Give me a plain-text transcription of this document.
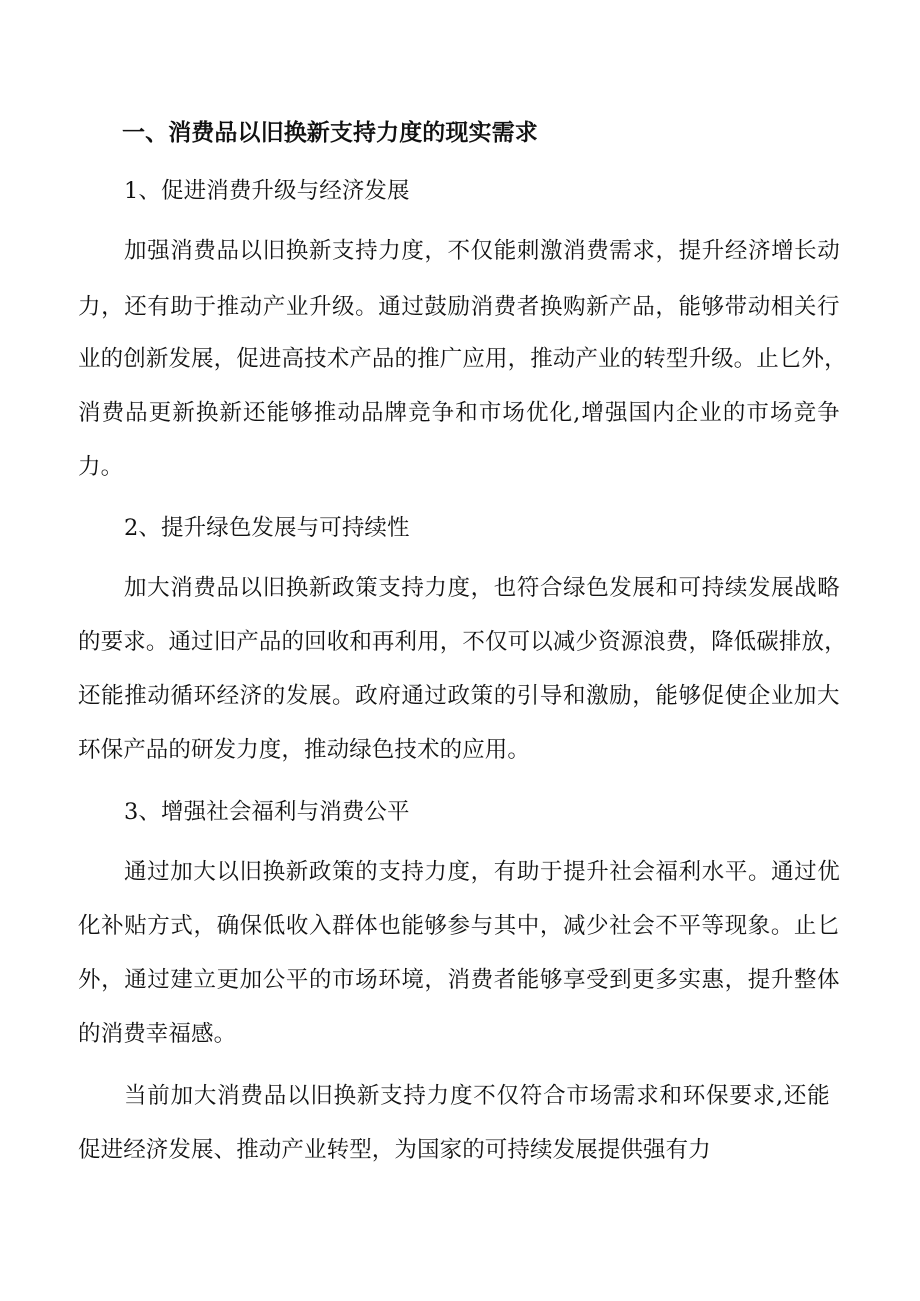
一、消费品以旧换新支持力度的现实需求
1、促进消费升级与经济发展
加 强 消 费 品 以 旧 换 新 支 持 力 度 ， 不 仅 能 刺 激 消 费 需 求 ， 提 升 经 济 增 长 动
力 ， 还 有 助 于 推 动 产 业 升 级 。 通 过 鼓 励 消 费 者 换 购 新 产 品 ， 能 够 带 动 相 关 行
业 的 创 新 发 展 ， 促 进 高 技 术 产 品 的 推 广 应 用 ， 推 动 产 业 的 转 型 升 级 。 止 匕 外 ，
消 费 品 更 新 换 新 还 能 够 推 动 品 牌 竞 争 和 市 场 优 化 , 增 强 国 内 企 业 的 市 场 竞 争
力。
2、提升绿色发展与可持续性
加 大 消 费 品 以 旧 换 新 政 策 支 持 力 度 ， 也 符 合 绿 色 发 展 和 可 持 续 发 展 战 略
的 要 求 。 通 过 旧 产 品 的 回 收 和 再 利 用 ， 不 仅 可 以 减 少 资 源 浪 费 ， 降 低 碳 排 放 ，
还 能 推 动 循 环 经 济 的 发 展 。 政 府 通 过 政 策 的 引 导 和 激 励 ， 能 够 促 使 企 业 加 大
环保产品的研发力度，推动绿色技术的应用。
3、增强社会福利与消费公平
通 过 加 大 以 旧 换 新 政 策 的 支 持 力 度 ， 有 助 于 提 升 社 会 福 利 水 平 。 通 过 优
化 补 贴 方 式 ， 确 保 低 收 入 群 体 也 能 够 参 与 其 中 ， 减 少 社 会 不 平 等 现 象 。 止 匕
外 ， 通 过 建 立 更 加 公 平 的 市 场 环 境 ， 消 费 者 能 够 享 受 到 更 多 实 惠 ， 提 升 整 体
的消费幸福感。
当 前 加 大 消 费 品 以 旧 换 新 支 持 力 度 不 仅 符 合 市 场 需 求 和 环 保 要 求 , 还 能
促进经济发展、推动产业转型，为国家的可持续发展提供强有力
